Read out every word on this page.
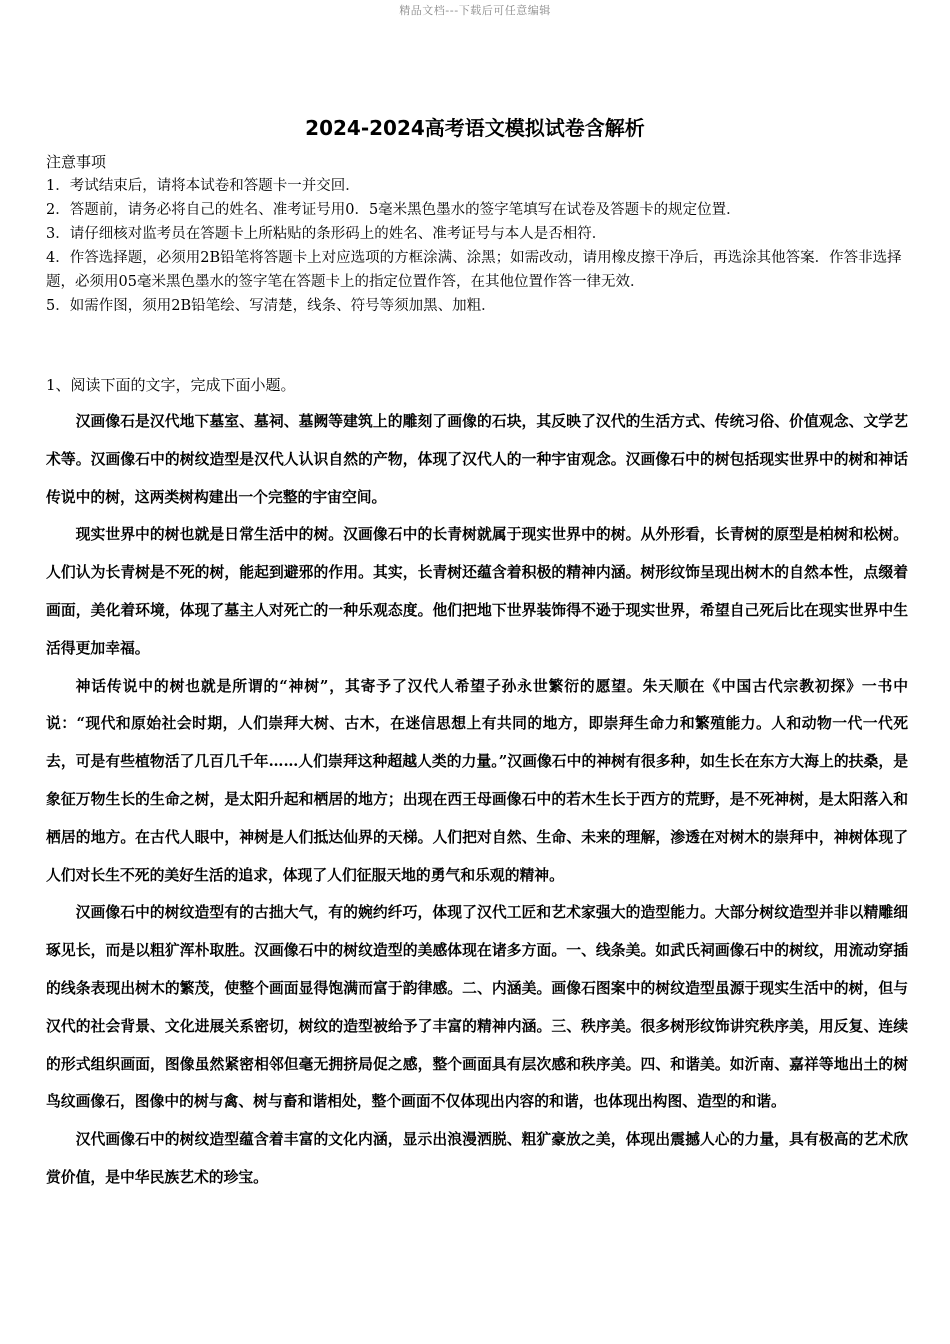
精品文档---下载后可任意编辑
2024-2024高考语文模拟试卷含解析

注意事项

1．考试结束后，请将本试卷和答题卡一并交回．

2．答题前，请务必将自己的姓名、准考证号用0．5毫米黑色墨水的签字笔填写在试卷及答题卡的规定位置．

3．请仔细核对监考员在答题卡上所粘贴的条形码上的姓名、准考证号与本人是否相符．

4．作答选择题，必须用2B铅笔将答题卡上对应选项的方框涂满、涂黑；如需改动，请用橡皮擦干净后，再选涂其他答案．作答非选择题，必须用05毫米黑色墨水的签字笔在答题卡上的指定位置作答，在其他位置作答一律无效．

5．如需作图，须用2B铅笔绘、写清楚，线条、符号等须加黑、加粗．

1、阅读下面的文字，完成下面小题。

汉画像石是汉代地下墓室、墓祠、墓阙等建筑上的雕刻了画像的石块，其反映了汉代的生活方式、传统习俗、价值观念、文学艺术等。汉画像石中的树纹造型是汉代人认识自然的产物，体现了汉代人的一种宇宙观念。汉画像石中的树包括现实世界中的树和神话传说中的树，这两类树构建出一个完整的宇宙空间。

现实世界中的树也就是日常生活中的树。汉画像石中的长青树就属于现实世界中的树。从外形看，长青树的原型是柏树和松树。人们认为长青树是不死的树，能起到避邪的作用。其实，长青树还蕴含着积极的精神内涵。树形纹饰呈现出树木的自然本性，点缀着画面，美化着环境，体现了墓主人对死亡的一种乐观态度。他们把地下世界装饰得不逊于现实世界，希望自己死后比在现实世界中生活得更加幸福。

神话传说中的树也就是所谓的“神树”，其寄予了汉代人希望子孙永世繁衍的愿望。朱天顺在《中国古代宗教初探》一书中说：“现代和原始社会时期，人们崇拜大树、古木，在迷信思想上有共同的地方，即崇拜生命力和繁殖能力。人和动物一代一代死去，可是有些植物活了几百几千年……人们崇拜这种超越人类的力量。”汉画像石中的神树有很多种，如生长在东方大海上的扶桑，是象征万物生长的生命之树，是太阳升起和栖居的地方；出现在西王母画像石中的若木生长于西方的荒野，是不死神树，是太阳落入和栖居的地方。在古代人眼中，神树是人们抵达仙界的天梯。人们把对自然、生命、未来的理解，渗透在对树木的崇拜中，神树体现了人们对长生不死的美好生活的追求，体现了人们征服天地的勇气和乐观的精神。

汉画像石中的树纹造型有的古拙大气，有的婉约纤巧，体现了汉代工匠和艺术家强大的造型能力。大部分树纹造型并非以精雕细琢见长，而是以粗犷浑朴取胜。汉画像石中的树纹造型的美感体现在诸多方面。一、线条美。如武氏祠画像石中的树纹，用流动穿插的线条表现出树木的繁茂，使整个画面显得饱满而富于韵律感。二、内涵美。画像石图案中的树纹造型虽源于现实生活中的树，但与汉代的社会背景、文化进展关系密切，树纹的造型被给予了丰富的精神内涵。三、秩序美。很多树形纹饰讲究秩序美，用反复、连续的形式组织画面，图像虽然紧密相邻但毫无拥挤局促之感，整个画面具有层次感和秩序美。四、和谐美。如沂南、嘉祥等地出土的树鸟纹画像石，图像中的树与禽、树与畜和谐相处，整个画面不仅体现出内容的和谐，也体现出构图、造型的和谐。

汉代画像石中的树纹造型蕴含着丰富的文化内涵，显示出浪漫洒脱、粗犷豪放之美，体现出震撼人心的力量，具有极高的艺术欣赏价值，是中华民族艺术的珍宝。
